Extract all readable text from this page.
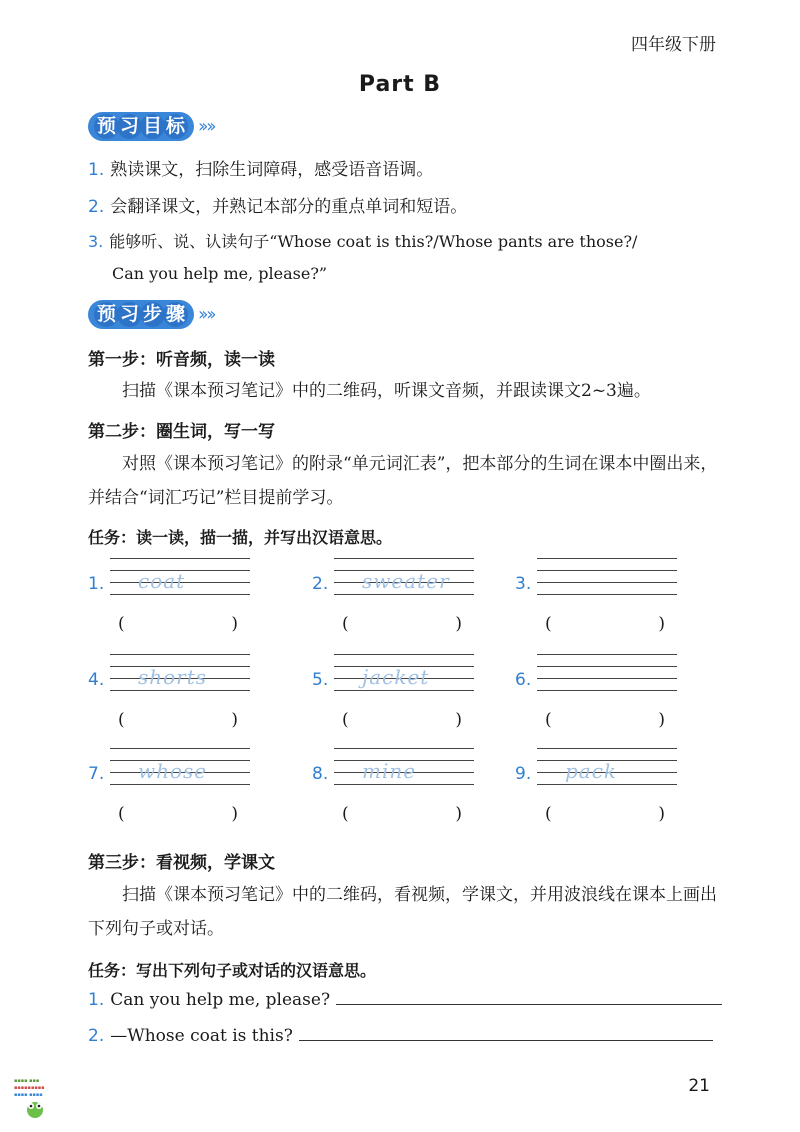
四年级下册
Part B
预 习 目 标 ›› ››
1. 熟读课文，扫除生词障碍，感受语音语调。
2. 会翻译课文，并熟记本部分的重点单词和短语。
3. 能够听、说、认读句子“Whose coat is this?/Whose pants are those?/
Can you help me, please?”
预 习 步 骤 ›› ››
第一步：听音频，读一读
扫描《课本预习笔记》中的二维码，听课文音频，并跟读课文2~3遍。
第二步：圈生词，写一写
对照《课本预习笔记》的附录“单元词汇表”，把本部分的生词在课本中圈出来，并结合“词汇巧记”栏目提前学习。
任务：读一读，描一描，并写出汉语意思。
1. coat
(	)
2. sweater
(	)
3.
(	)
4. shorts
(	)
5. jacket
(	)
6.
(	)
7. whose
(	)
8. mine
(	)
9. pack
(	)
第三步：看视频，学课文
扫描《课本预习笔记》中的二维码，看视频，学课文，并用波浪线在课本上画出下列句子或对话。
任务：写出下列句子或对话的汉语意思。
1. Can you help me, please?
2. —Whose coat is this?
▪▪▪▪ ▪▪▪
▪▪▪▪▪▪▪▪▪
▪▪▪▪ ▪▪▪▪	21
